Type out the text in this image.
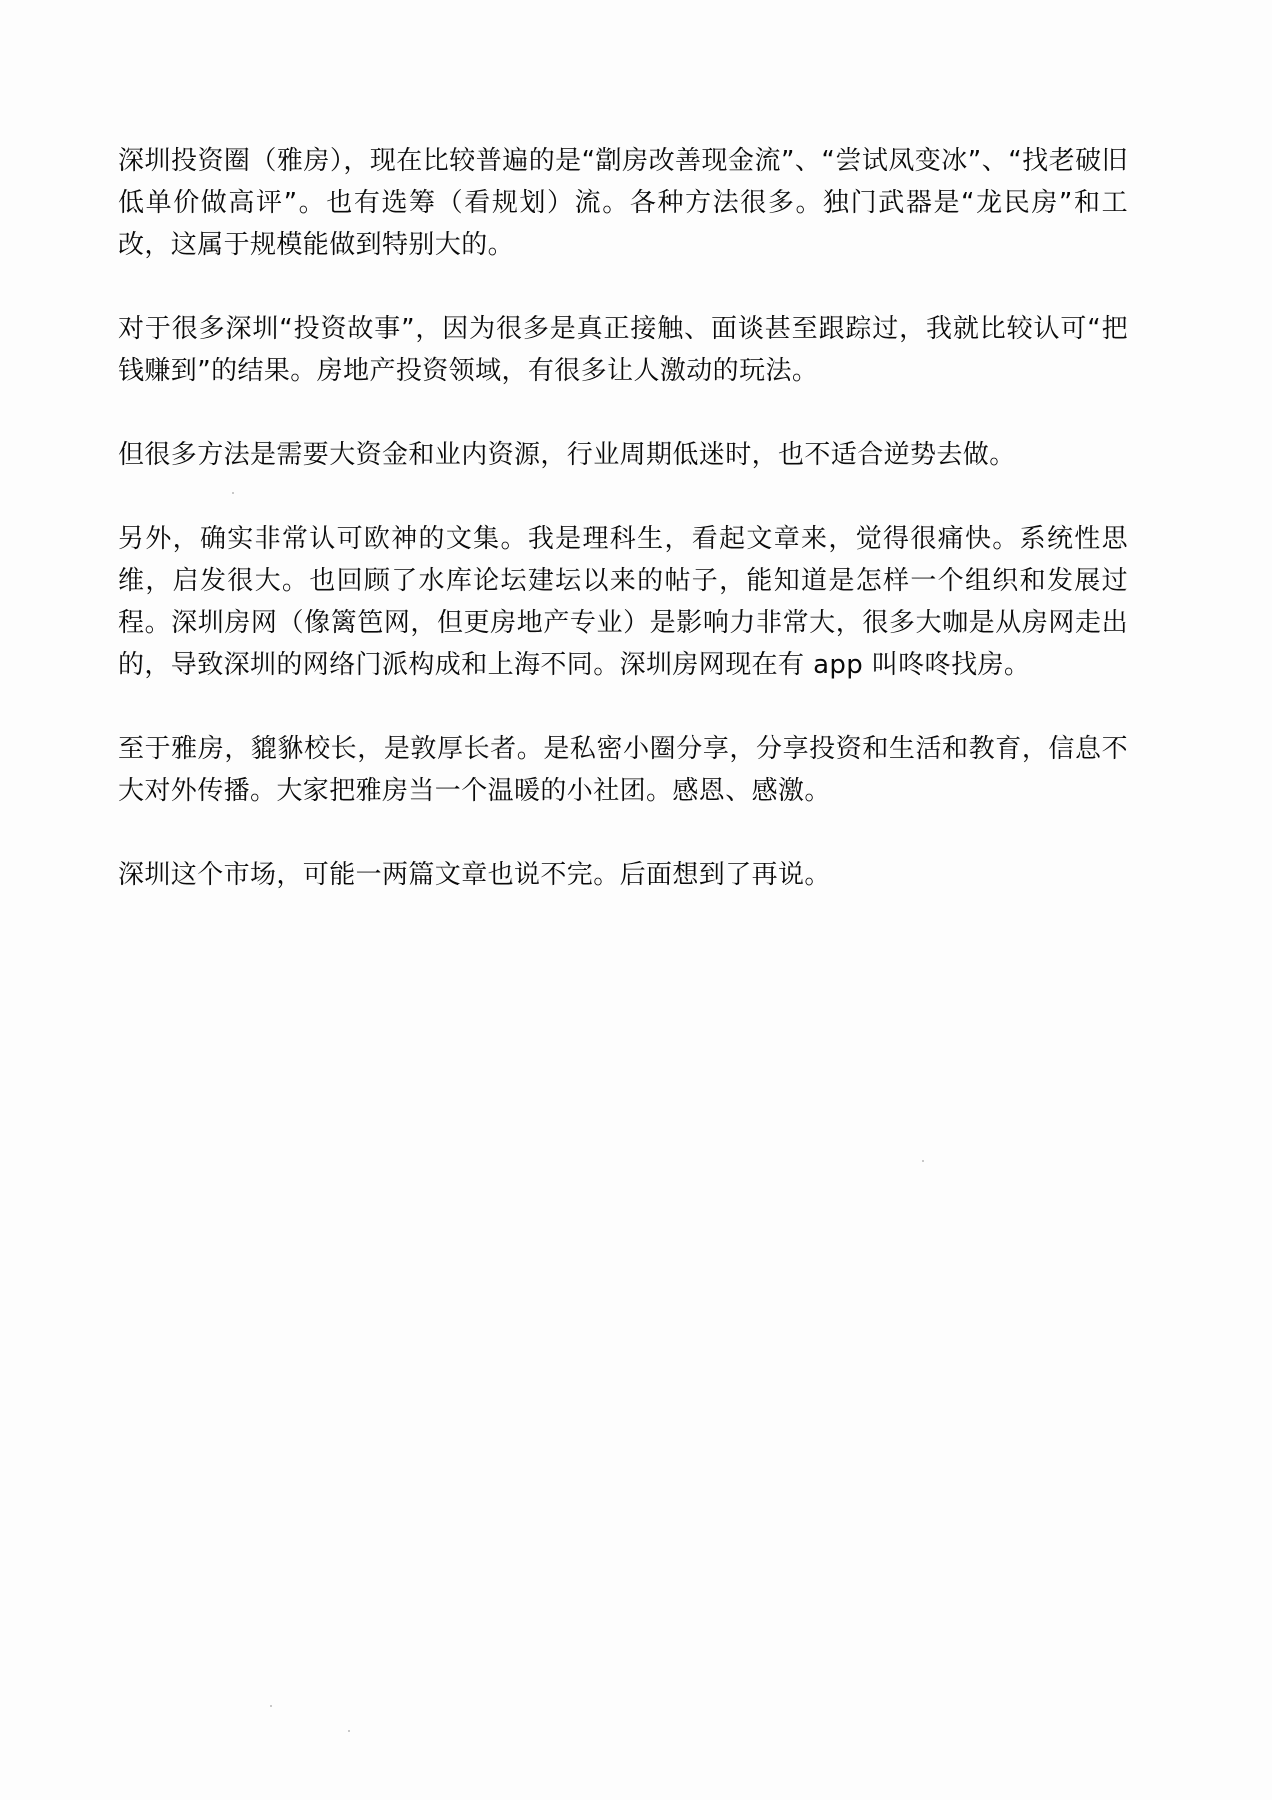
深圳投资圈（雅房），现在比较普遍的是“劏房改善现金流”、“尝试凤变冰”、“找老破旧低单价做高评”。也有选筹（看规划）流。各种方法很多。独门武器是“龙民房”和工改，这属于规模能做到特别大的。

对于很多深圳“投资故事”，因为很多是真正接触、面谈甚至跟踪过，我就比较认可“把钱赚到”的结果。房地产投资领域，有很多让人激动的玩法。

但很多方法是需要大资金和业内资源，行业周期低迷时，也不适合逆势去做。

另外，确实非常认可欧神的文集。我是理科生，看起文章来，觉得很痛快。系统性思维，启发很大。也回顾了水库论坛建坛以来的帖子，能知道是怎样一个组织和发展过程。深圳房网（像篱笆网，但更房地产专业）是影响力非常大，很多大咖是从房网走出的，导致深圳的网络门派构成和上海不同。深圳房网现在有 app 叫咚咚找房。

至于雅房，貔貅校长，是敦厚长者。是私密小圈分享，分享投资和生活和教育，信息不大对外传播。大家把雅房当一个温暖的小社团。感恩、感激。

深圳这个市场，可能一两篇文章也说不完。后面想到了再说。
